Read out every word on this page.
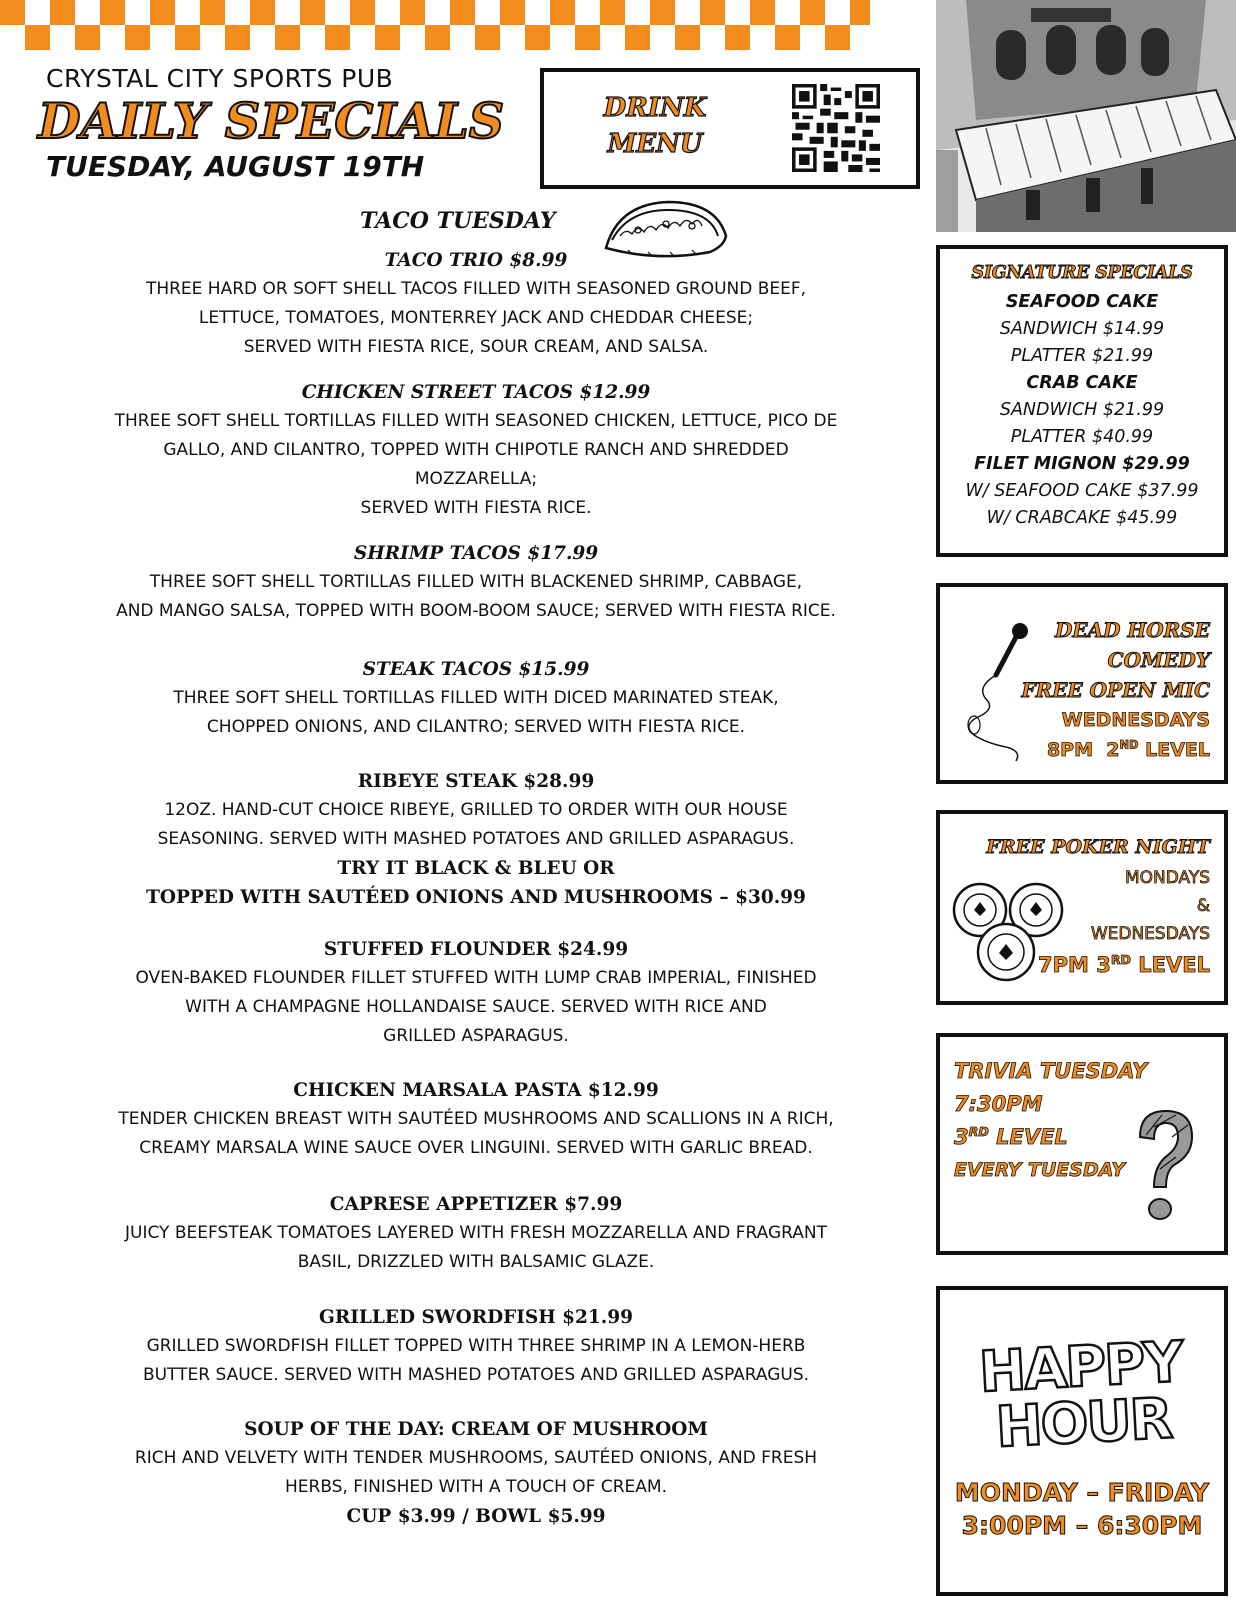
CRYSTAL CITY SPORTS PUB
DAILY SPECIALS
TUESDAY, AUGUST 19TH
DRINK
MENU
TACO TUESDAY
TACO TRIO $8.99
THREE HARD OR SOFT SHELL TACOS FILLED WITH SEASONED GROUND BEEF,
LETTUCE, TOMATOES, MONTERREY JACK AND CHEDDAR CHEESE;
SERVED WITH FIESTA RICE, SOUR CREAM, AND SALSA.
CHICKEN STREET TACOS $12.99
THREE SOFT SHELL TORTILLAS FILLED WITH SEASONED CHICKEN, LETTUCE, PICO DE
GALLO, AND CILANTRO, TOPPED WITH CHIPOTLE RANCH AND SHREDDED
MOZZARELLA;
SERVED WITH FIESTA RICE.
SHRIMP TACOS $17.99
THREE SOFT SHELL TORTILLAS FILLED WITH BLACKENED SHRIMP, CABBAGE,
AND MANGO SALSA, TOPPED WITH BOOM-BOOM SAUCE; SERVED WITH FIESTA RICE.
STEAK TACOS $15.99
THREE SOFT SHELL TORTILLAS FILLED WITH DICED MARINATED STEAK,
CHOPPED ONIONS, AND CILANTRO; SERVED WITH FIESTA RICE.
RIBEYE STEAK $28.99
12OZ. HAND-CUT CHOICE RIBEYE, GRILLED TO ORDER WITH OUR HOUSE
SEASONING. SERVED WITH MASHED POTATOES AND GRILLED ASPARAGUS.
TRY IT BLACK & BLEU OR
TOPPED WITH SAUTÉED ONIONS AND MUSHROOMS – $30.99
STUFFED FLOUNDER $24.99
OVEN-BAKED FLOUNDER FILLET STUFFED WITH LUMP CRAB IMPERIAL, FINISHED
WITH A CHAMPAGNE HOLLANDAISE SAUCE. SERVED WITH RICE AND
GRILLED ASPARAGUS.
CHICKEN MARSALA PASTA $12.99
TENDER CHICKEN BREAST WITH SAUTÉED MUSHROOMS AND SCALLIONS IN A RICH,
CREAMY MARSALA WINE SAUCE OVER LINGUINI. SERVED WITH GARLIC BREAD.
CAPRESE APPETIZER $7.99
JUICY BEEFSTEAK TOMATOES LAYERED WITH FRESH MOZZARELLA AND FRAGRANT
BASIL, DRIZZLED WITH BALSAMIC GLAZE.
GRILLED SWORDFISH $21.99
GRILLED SWORDFISH FILLET TOPPED WITH THREE SHRIMP IN A LEMON-HERB
BUTTER SAUCE. SERVED WITH MASHED POTATOES AND GRILLED ASPARAGUS.
SOUP OF THE DAY: CREAM OF MUSHROOM
RICH AND VELVETY WITH TENDER MUSHROOMS, SAUTÉED ONIONS, AND FRESH
HERBS, FINISHED WITH A TOUCH OF CREAM.
CUP $3.99 / BOWL $5.99
SIGNATURE SPECIALS
SEAFOOD CAKE
SANDWICH $14.99
PLATTER $21.99
CRAB CAKE
SANDWICH $21.99
PLATTER $40.99
FILET MIGNON $29.99
W/ SEAFOOD CAKE $37.99
W/ CRABCAKE $45.99
DEAD HORSE
COMEDY
FREE OPEN MIC
WEDNESDAYS
8PM 2ND LEVEL
FREE POKER NIGHT
MONDAYS
&
WEDNESDAYS
7PM 3RD LEVEL
TRIVIA TUESDAY
7:30PM
3RD LEVEL
EVERY TUESDAY
HAPPY
HOUR
MONDAY – FRIDAY
3:00PM – 6:30PM
